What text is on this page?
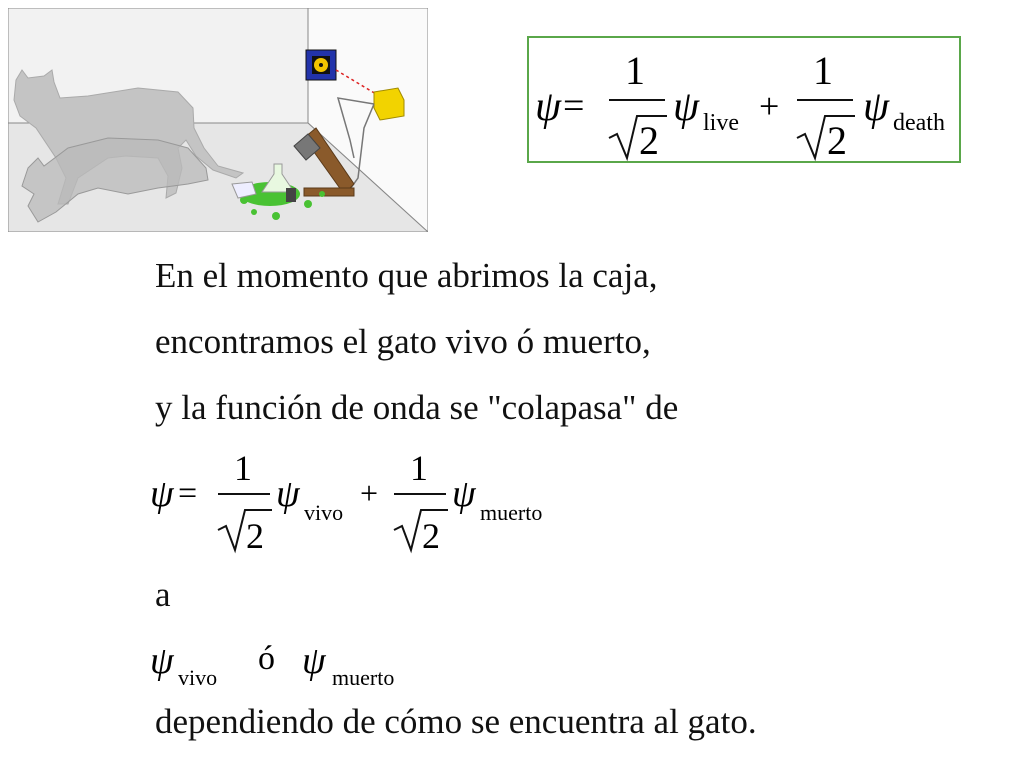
ψ =
1
2
ψ live +
1
2
ψ death
En el momento que abrimos la caja,
encontramos el gato vivo ó muerto,
y la función de onda se "colapasa" de
ψ =
1
2
ψ vivo
+
1
2
ψ muerto
a
ψ vivo
ó ψ muerto
dependiendo de cómo se encuentra al gato.
